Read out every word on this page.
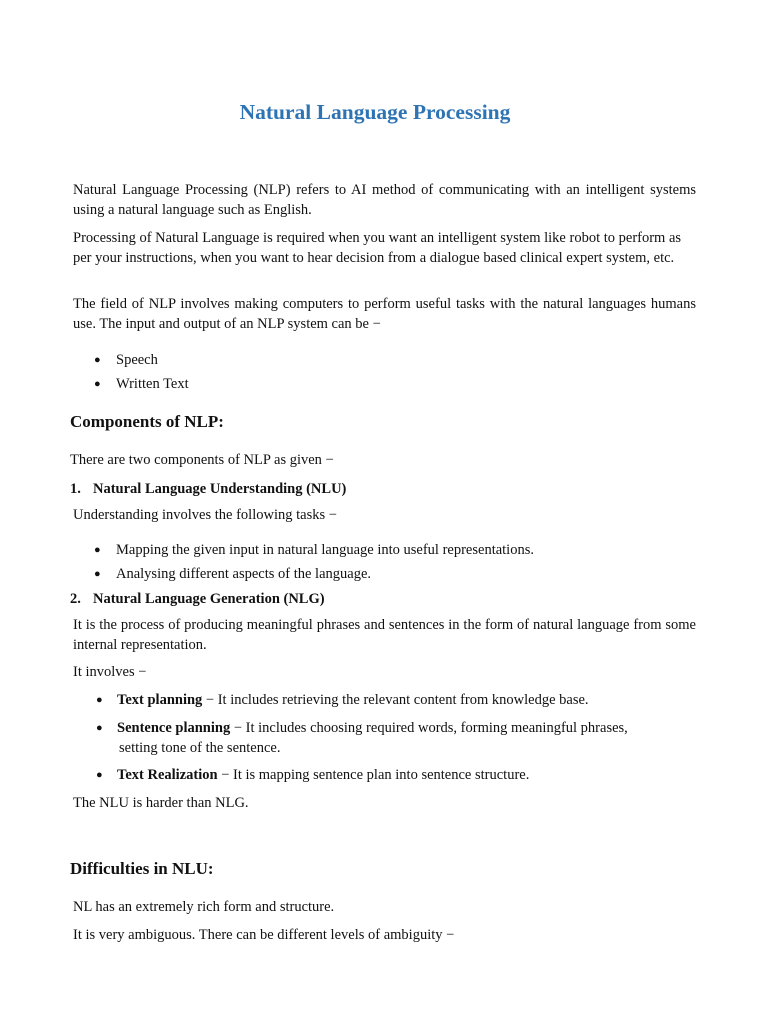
Natural Language Processing

Natural Language Processing (NLP) refers to AI method of communicating with an intelligent systems using a natural language such as English.

Processing of Natural Language is required when you want an intelligent system like robot to perform as per your instructions, when you want to hear decision from a dialogue based clinical expert system, etc.

The field of NLP involves making computers to perform useful tasks with the natural languages humans use. The input and output of an NLP system can be −

● Speech

● Written Text

Components of NLP:

There are two components of NLP as given −

1. Natural Language Understanding (NLU)

Understanding involves the following tasks −

● Mapping the given input in natural language into useful representations.

● Analysing different aspects of the language.

2. Natural Language Generation (NLG)

It is the process of producing meaningful phrases and sentences in the form of natural language from some internal representation.

It involves −

● Text planning − It includes retrieving the relevant content from knowledge base.

● Sentence planning − It includes choosing required words, forming meaningful phrases,
setting tone of the sentence.

● Text Realization − It is mapping sentence plan into sentence structure.

The NLU is harder than NLG.

Difficulties in NLU:

NL has an extremely rich form and structure.

It is very ambiguous. There can be different levels of ambiguity −
